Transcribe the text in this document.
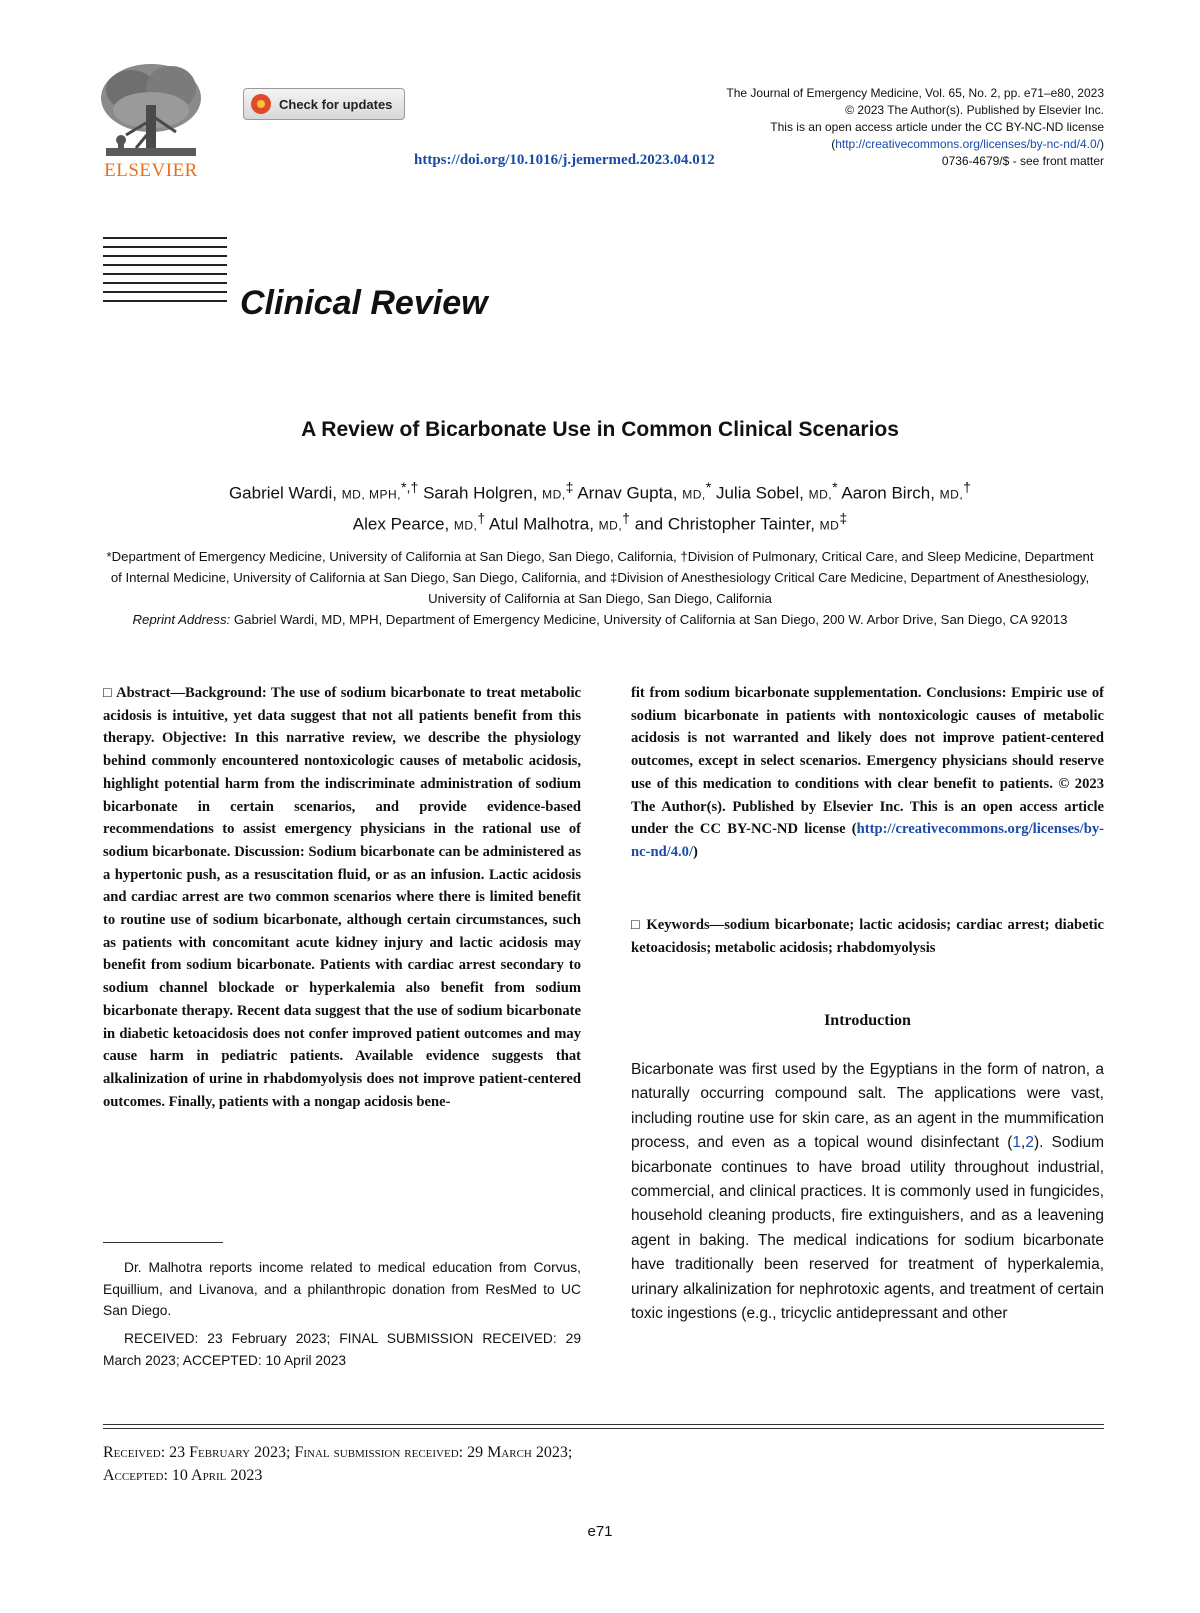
ELSEVIER
Check for updates
The Journal of Emergency Medicine, Vol. 65, No. 2, pp. e71–e80, 2023
© 2023 The Author(s). Published by Elsevier Inc.
This is an open access article under the CC BY-NC-ND license
(http://creativecommons.org/licenses/by-nc-nd/4.0/)
0736-4679/$ - see front matter
https://doi.org/10.1016/j.jemermed.2023.04.012
Clinical Review
A Review of Bicarbonate Use in Common Clinical Scenarios
Gabriel Wardi, MD, MPH,*,† Sarah Holgren, MD,‡ Arnav Gupta, MD,* Julia Sobel, MD,* Aaron Birch, MD,†
Alex Pearce, MD,† Atul Malhotra, MD,† and Christopher Tainter, MD‡
*Department of Emergency Medicine, University of California at San Diego, San Diego, California, †Division of Pulmonary, Critical Care, and Sleep Medicine, Department of Internal Medicine, University of California at San Diego, San Diego, California, and ‡Division of Anesthesiology Critical Care Medicine, Department of Anesthesiology, University of California at San Diego, San Diego, California
Reprint Address: Gabriel Wardi, MD, MPH, Department of Emergency Medicine, University of California at San Diego, 200 W. Arbor Drive, San Diego, CA 92013
□ Abstract—Background: The use of sodium bicarbonate to treat metabolic acidosis is intuitive, yet data suggest that not all patients benefit from this therapy. Objective: In this narrative review, we describe the physiology behind commonly encountered nontoxicologic causes of metabolic acidosis, highlight potential harm from the indiscriminate administration of sodium bicarbonate in certain scenarios, and provide evidence-based recommendations to assist emergency physicians in the rational use of sodium bicarbonate. Discussion: Sodium bicarbonate can be administered as a hypertonic push, as a resuscitation fluid, or as an infusion. Lactic acidosis and cardiac arrest are two common scenarios where there is limited benefit to routine use of sodium bicarbonate, although certain circumstances, such as patients with concomitant acute kidney injury and lactic acidosis may benefit from sodium bicarbonate. Patients with cardiac arrest secondary to sodium channel blockade or hyperkalemia also benefit from sodium bicarbonate therapy. Recent data suggest that the use of sodium bicarbonate in diabetic ketoacidosis does not confer improved patient outcomes and may cause harm in pediatric patients. Available evidence suggests that alkalinization of urine in rhabdomyolysis does not improve patient-centered outcomes. Finally, patients with a nongap acidosis bene-
Dr. Malhotra reports income related to medical education from Corvus, Equillium, and Livanova, and a philanthropic donation from ResMed to UC San Diego.
RECEIVED: 23 February 2023; FINAL SUBMISSION RECEIVED: 29 March 2023; ACCEPTED: 10 April 2023
fit from sodium bicarbonate supplementation. Conclusions: Empiric use of sodium bicarbonate in patients with nontoxicologic causes of metabolic acidosis is not warranted and likely does not improve patient-centered outcomes, except in select scenarios. Emergency physicians should reserve use of this medication to conditions with clear benefit to patients. © 2023 The Author(s). Published by Elsevier Inc. This is an open access article under the CC BY-NC-ND license (http://creativecommons.org/licenses/by-nc-nd/4.0/)
□ Keywords—sodium bicarbonate; lactic acidosis; cardiac arrest; diabetic ketoacidosis; metabolic acidosis; rhabdomyolysis
Introduction
Bicarbonate was first used by the Egyptians in the form of natron, a naturally occurring compound salt. The applications were vast, including routine use for skin care, as an agent in the mummification process, and even as a topical wound disinfectant (1,2). Sodium bicarbonate continues to have broad utility throughout industrial, commercial, and clinical practices. It is commonly used in fungicides, household cleaning products, fire extinguishers, and as a leavening agent in baking. The medical indications for sodium bicarbonate have traditionally been reserved for treatment of hyperkalemia, urinary alkalinization for nephrotoxic agents, and treatment of certain toxic ingestions (e.g., tricyclic antidepressant and other
Received: 23 February 2023; Final submission received: 29 March 2023;
Accepted: 10 April 2023
e71
